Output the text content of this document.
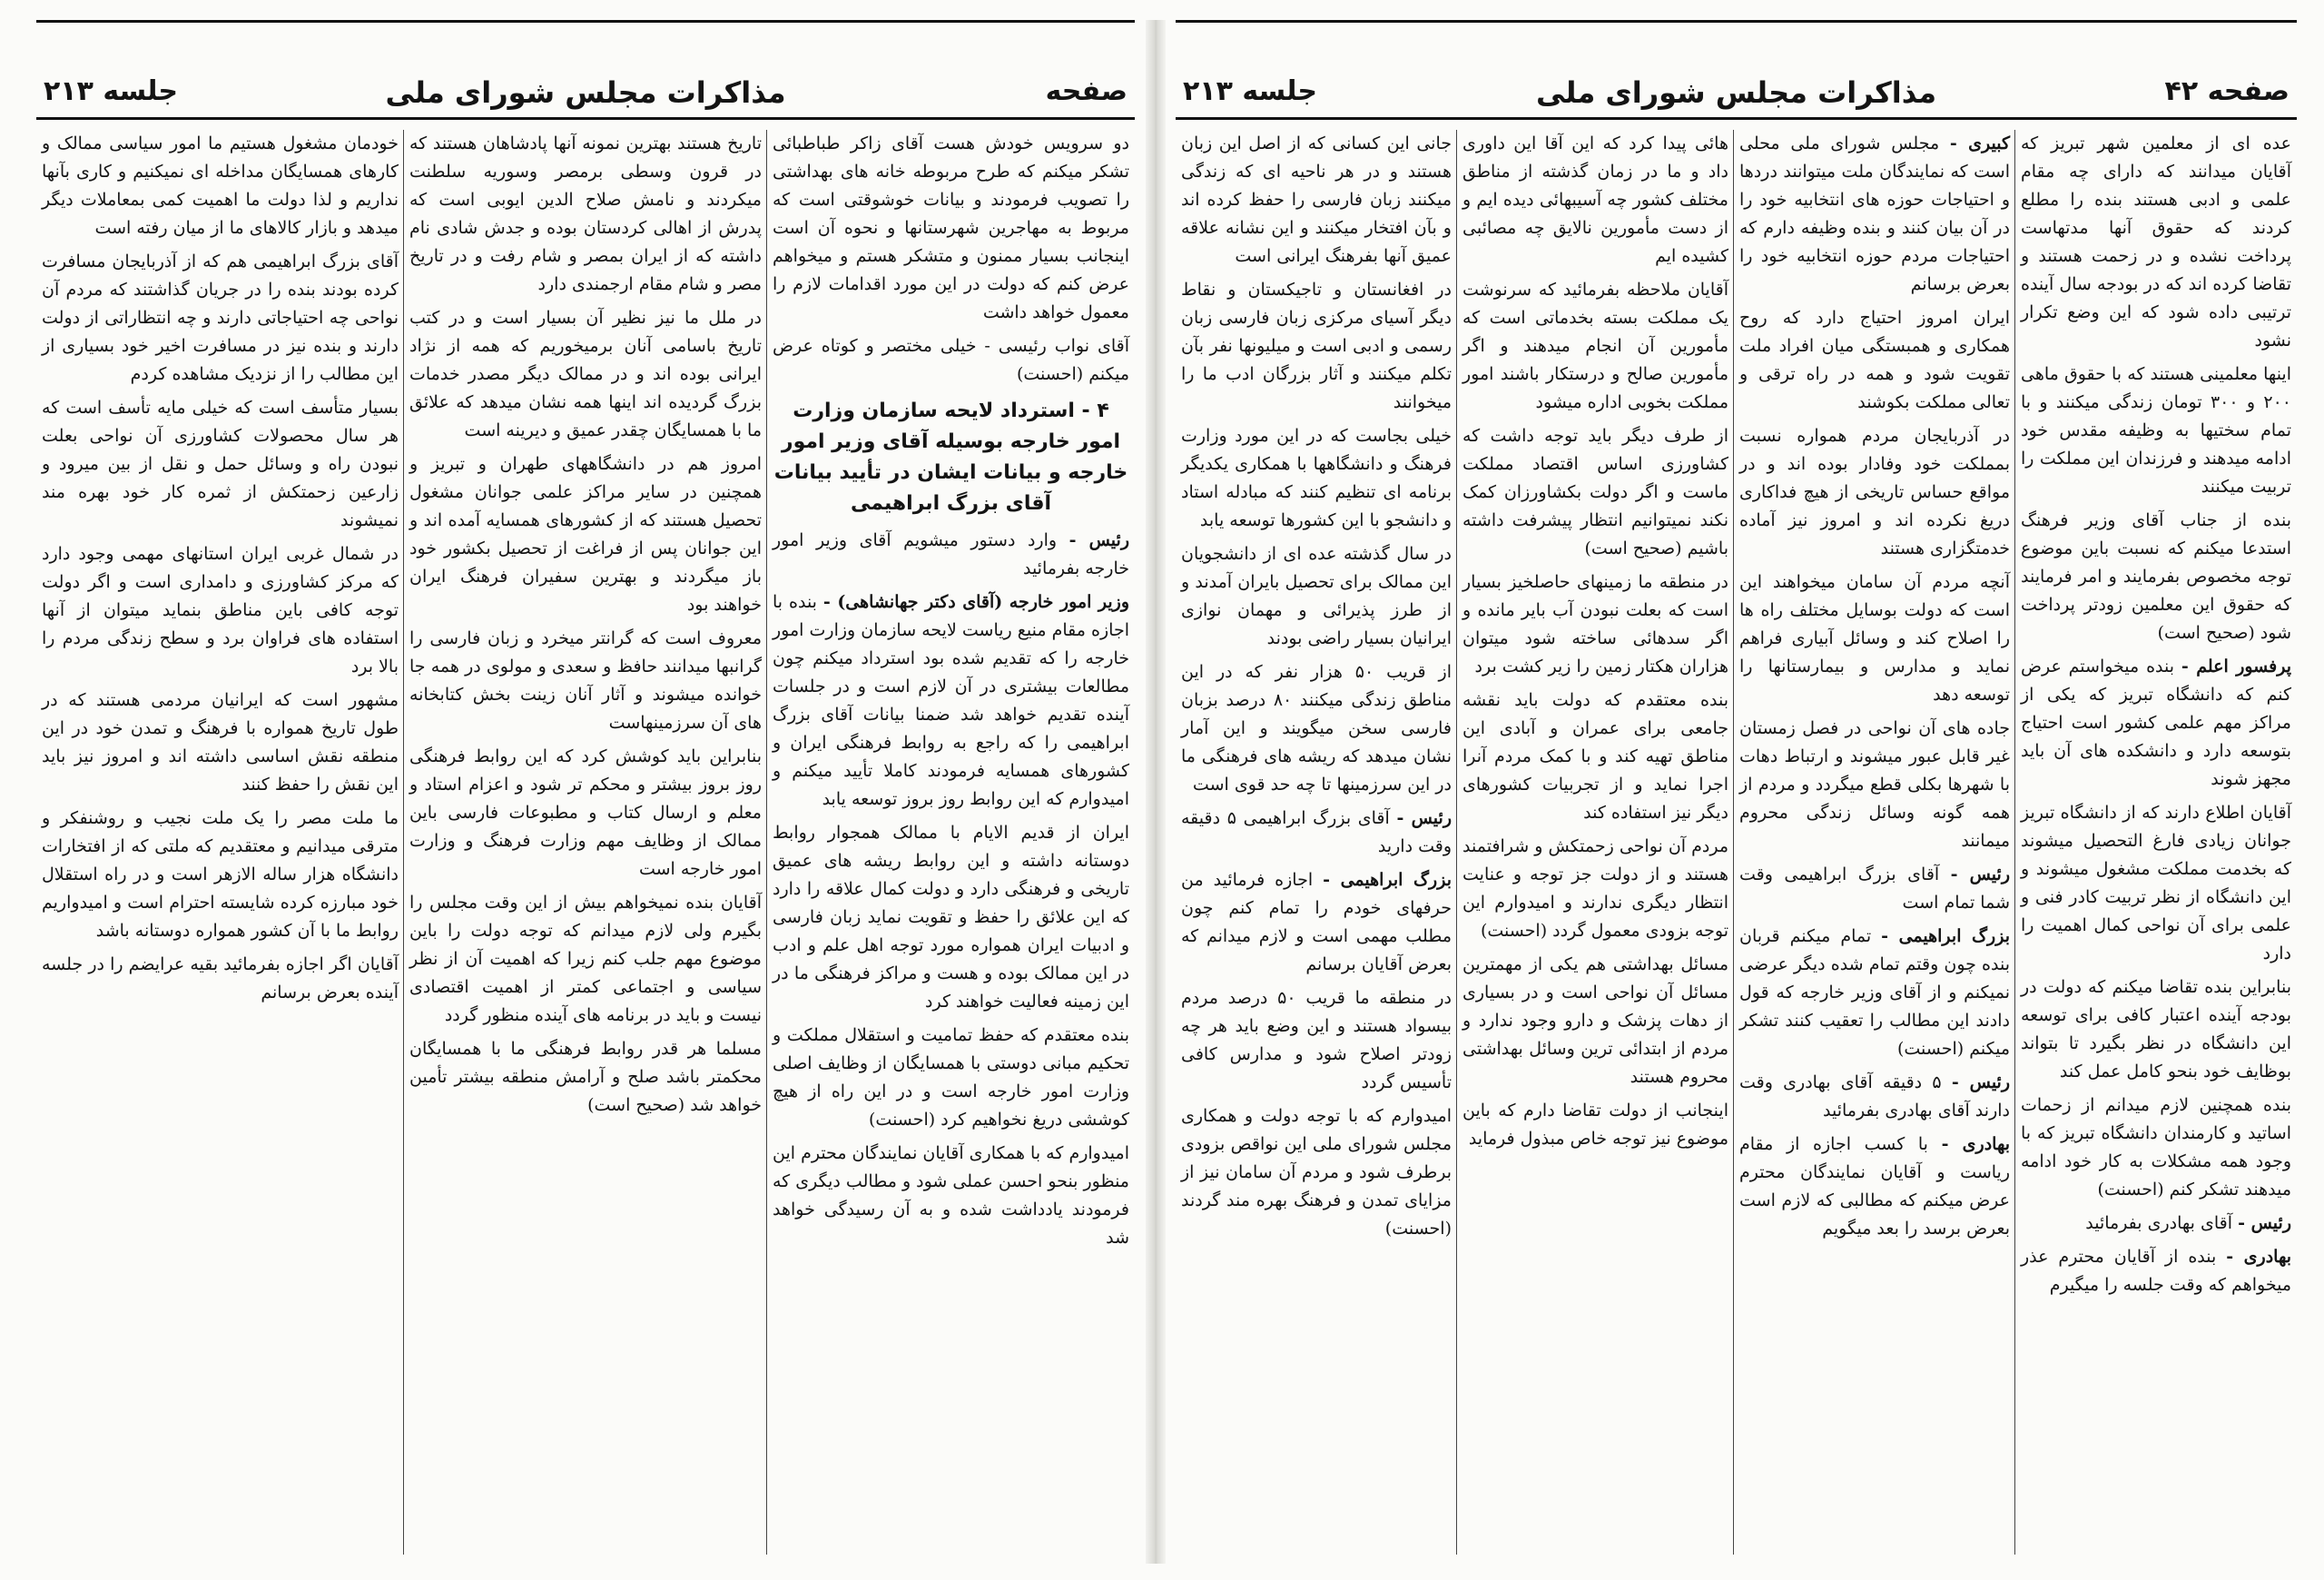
صفحه
مذاكرات مجلس شوراى ملى
جلسه ۲۱۳

دو سرویس خودش هست آقای زاکر طباطبائی تشکر میکنم که طرح مربوطه خانه های بهداشتی را تصویب فرمودند و بیانات خوشوقتی است که مربوط به مهاجرین شهرستانها و نحوه آن است اینجانب بسیار ممنون و متشکر هستم و میخواهم عرض کنم که دولت در این مورد اقدامات لازم را معمول خواهد داشت

آقای نواب رئیسی - خیلی مختصر و کوتاه عرض میکنم (احسنت)

۴ - استرداد لایحه سازمان وزارت امور خارجه بوسیله آقای وزیر امور خارجه و بیانات ایشان در تأیید بیانات آقای بزرگ ابراهیمی

رئیس - وارد دستور میشویم آقای وزیر امور خارجه بفرمائید

وزیر امور خارجه (آقای دکتر جهانشاهی) - بنده با اجازه مقام منیع ریاست لایحه سازمان وزارت امور خارجه را که تقدیم شده بود استرداد میکنم چون مطالعات بیشتری در آن لازم است و در جلسات آینده تقدیم خواهد شد ضمنا بیانات آقای بزرگ ابراهیمی را که راجع به روابط فرهنگی ایران و کشورهای همسایه فرمودند کاملا تأیید میکنم و امیدوارم که این روابط روز بروز توسعه یابد

ایران از قدیم الایام با ممالک همجوار روابط دوستانه داشته و این روابط ریشه های عمیق تاریخی و فرهنگی دارد و دولت کمال علاقه را دارد که این علائق را حفظ و تقویت نماید زبان فارسی و ادبیات ایران همواره مورد توجه اهل علم و ادب در این ممالک بوده و هست و مراکز فرهنگی ما در این زمینه فعالیت خواهند کرد

بنده معتقدم که حفظ تمامیت و استقلال مملکت و تحکیم مبانی دوستی با همسایگان از وظایف اصلی وزارت امور خارجه است و در این راه از هیچ کوششی دریغ نخواهیم کرد (احسنت)

امیدوارم که با همکاری آقایان نمایندگان محترم این منظور بنحو احسن عملی شود و مطالب دیگری که فرمودند یادداشت شده و به آن رسیدگی خواهد شد

تاریخ هستند بهترین نمونه آنها پادشاهان هستند که در قرون وسطی برمصر وسوریه سلطنت میکردند و نامش صلاح الدین ایوبی است که پدرش از اهالی کردستان بوده و جدش شادی نام داشته که از ایران بمصر و شام رفت و در تاریخ مصر و شام مقام ارجمندی دارد

در ملل ما نیز نظیر آن بسیار است و در کتب تاریخ باسامی آنان برمیخوریم که همه از نژاد ایرانی بوده اند و در ممالک دیگر مصدر خدمات بزرگ گردیده اند اینها همه نشان میدهد که علائق ما با همسایگان چقدر عمیق و دیرینه است

امروز هم در دانشگاههای طهران و تبریز و همچنین در سایر مراکز علمی جوانان مشغول تحصیل هستند که از کشورهای همسایه آمده اند و این جوانان پس از فراغت از تحصیل بکشور خود باز میگردند و بهترین سفیران فرهنگ ایران خواهند بود

معروف است که گرانتر میخرد و زبان فارسی را گرانبها میدانند حافظ و سعدی و مولوی در همه جا خوانده میشوند و آثار آنان زینت بخش کتابخانه های آن سرزمینهاست

بنابراین باید کوشش کرد که این روابط فرهنگی روز بروز بیشتر و محکم تر شود و اعزام استاد و معلم و ارسال کتاب و مطبوعات فارسی باین ممالک از وظایف مهم وزارت فرهنگ و وزارت امور خارجه است

آقایان بنده نمیخواهم بیش از این وقت مجلس را بگیرم ولی لازم میدانم که توجه دولت را باین موضوع مهم جلب کنم زیرا که اهمیت آن از نظر سیاسی و اجتماعی کمتر از اهمیت اقتصادی نیست و باید در برنامه های آینده منظور گردد

مسلما هر قدر روابط فرهنگی ما با همسایگان محکمتر باشد صلح و آرامش منطقه بیشتر تأمین خواهد شد (صحیح است)

خودمان مشغول هستیم ما امور سیاسی ممالک و کارهای همسایگان مداخله ای نمیکنیم و کاری بآنها نداریم و لذا دولت ما اهمیت کمی بمعاملات دیگر میدهد و بازار کالاهای ما از میان رفته است

آقای بزرگ ابراهیمی هم که از آذربایجان مسافرت کرده بودند بنده را در جریان گذاشتند که مردم آن نواحی چه احتیاجاتی دارند و چه انتظاراتی از دولت دارند و بنده نیز در مسافرت اخیر خود بسیاری از این مطالب را از نزدیک مشاهده کردم

بسیار متأسف است که خیلی مایه تأسف است که هر سال محصولات کشاورزی آن نواحی بعلت نبودن راه و وسائل حمل و نقل از بین میرود و زارعین زحمتکش از ثمره کار خود بهره مند نمیشوند

در شمال غربی ایران استانهای مهمی وجود دارد که مرکز کشاورزی و دامداری است و اگر دولت توجه کافی باین مناطق بنماید میتوان از آنها استفاده های فراوان برد و سطح زندگی مردم را بالا برد

مشهور است که ایرانیان مردمی هستند که در طول تاریخ همواره با فرهنگ و تمدن خود در این منطقه نقش اساسی داشته اند و امروز نیز باید این نقش را حفظ کنند

ما ملت مصر را یک ملت نجیب و روشنفکر و مترقی میدانیم و معتقدیم که ملتی که از افتخارات دانشگاه هزار ساله الازهر است و در راه استقلال خود مبارزه کرده شایسته احترام است و امیدواریم روابط ما با آن کشور همواره دوستانه باشد

آقایان اگر اجازه بفرمائید بقیه عرایضم را در جلسه آینده بعرض برسانم

صفحه ۴۲
مذاكرات مجلس شوراى ملى
جلسه ۲۱۳

عده ای از معلمین شهر تبریز که آقایان میدانند که دارای چه مقام علمی و ادبی هستند بنده را مطلع کردند که حقوق آنها مدتهاست پرداخت نشده و در زحمت هستند و تقاضا کرده اند که در بودجه سال آینده ترتیبی داده شود که این وضع تکرار نشود

اینها معلمینی هستند که با حقوق ماهی ۲۰۰ و ۳۰۰ تومان زندگی میکنند و با تمام سختیها به وظیفه مقدس خود ادامه میدهند و فرزندان این مملکت را تربیت میکنند

بنده از جناب آقای وزیر فرهنگ استدعا میکنم که نسبت باین موضوع توجه مخصوص بفرمایند و امر فرمایند که حقوق این معلمین زودتر پرداخت شود (صحیح است)

پرفسور اعلم - بنده میخواستم عرض کنم که دانشگاه تبریز که یکی از مراکز مهم علمی کشور است احتیاج بتوسعه دارد و دانشکده های آن باید مجهز شوند

آقایان اطلاع دارند که از دانشگاه تبریز جوانان زیادی فارغ التحصیل میشوند که بخدمت مملکت مشغول میشوند و این دانشگاه از نظر تربیت کادر فنی و علمی برای آن نواحی کمال اهمیت را دارد

بنابراین بنده تقاضا میکنم که دولت در بودجه آینده اعتبار کافی برای توسعه این دانشگاه در نظر بگیرد تا بتواند بوظایف خود بنحو کامل عمل کند

بنده همچنین لازم میدانم از زحمات اساتید و کارمندان دانشگاه تبریز که با وجود همه مشکلات به کار خود ادامه میدهند تشکر کنم (احسنت)

رئیس - آقای بهادری بفرمائید

بهادری - بنده از آقایان محترم عذر میخواهم که وقت جلسه را میگیرم

کبیری - مجلس شورای ملی محلی است که نمایندگان ملت میتوانند دردها و احتیاجات حوزه های انتخابیه خود را در آن بیان کنند و بنده وظیفه دارم که احتیاجات مردم حوزه انتخابیه خود را بعرض برسانم

ایران امروز احتیاج دارد که روح همکاری و همبستگی میان افراد ملت تقویت شود و همه در راه ترقی و تعالی مملکت بکوشند

در آذربایجان مردم همواره نسبت بمملکت خود وفادار بوده اند و در مواقع حساس تاریخی از هیچ فداکاری دریغ نکرده اند و امروز نیز آماده خدمتگزاری هستند

آنچه مردم آن سامان میخواهند این است که دولت بوسایل مختلف راه ها را اصلاح کند و وسائل آبیاری فراهم نماید و مدارس و بیمارستانها را توسعه دهد

جاده های آن نواحی در فصل زمستان غیر قابل عبور میشوند و ارتباط دهات با شهرها بکلی قطع میگردد و مردم از همه گونه وسائل زندگی محروم میمانند

رئیس - آقای بزرگ ابراهیمی وقت شما تمام است

بزرگ ابراهیمی - تمام میکنم قربان بنده چون وقتم تمام شده دیگر عرضی نمیکنم و از آقای وزیر خارجه که قول دادند این مطالب را تعقیب کنند تشکر میکنم (احسنت)

رئیس - ۵ دقیقه آقای بهادری وقت دارند آقای بهادری بفرمائید

بهادری - با کسب اجازه از مقام ریاست و آقایان نمایندگان محترم عرض میکنم که مطالبی که لازم است بعرض برسد را بعد میگویم

هائی پیدا کرد که این آقا این داوری داد و ما در زمان گذشته از مناطق مختلف کشور چه آسیبهائی دیده ایم و از دست مأمورین نالایق چه مصائبی کشیده ایم

آقایان ملاحظه بفرمائید که سرنوشت یک مملکت بسته بخدماتی است که مأمورین آن انجام میدهند و اگر مأمورین صالح و درستکار باشند امور مملکت بخوبی اداره میشود

از طرف دیگر باید توجه داشت که کشاورزی اساس اقتصاد مملکت ماست و اگر دولت بکشاورزان کمک نکند نمیتوانیم انتظار پیشرفت داشته باشیم (صحیح است)

در منطقه ما زمینهای حاصلخیز بسیار است که بعلت نبودن آب بایر مانده و اگر سدهائی ساخته شود میتوان هزاران هکتار زمین را زیر کشت برد

بنده معتقدم که دولت باید نقشه جامعی برای عمران و آبادی این مناطق تهیه کند و با کمک مردم آنرا اجرا نماید و از تجربیات کشورهای دیگر نیز استفاده کند

مردم آن نواحی زحمتکش و شرافتمند هستند و از دولت جز توجه و عنایت انتظار دیگری ندارند و امیدوارم این توجه بزودی معمول گردد (احسنت)

مسائل بهداشتی هم یکی از مهمترین مسائل آن نواحی است و در بسیاری از دهات پزشک و دارو وجود ندارد و مردم از ابتدائی ترین وسائل بهداشتی محروم هستند

اینجانب از دولت تقاضا دارم که باین موضوع نیز توجه خاص مبذول فرماید

جانی این کسانی که از اصل این زبان هستند و در هر ناحیه ای که زندگی میکنند زبان فارسی را حفظ کرده اند و بآن افتخار میکنند و این نشانه علاقه عمیق آنها بفرهنگ ایرانی است

در افغانستان و تاجیکستان و نقاط دیگر آسیای مرکزی زبان فارسی زبان رسمی و ادبی است و میلیونها نفر بآن تکلم میکنند و آثار بزرگان ادب ما را میخوانند

خیلی بجاست که در این مورد وزارت فرهنگ و دانشگاهها با همکاری یکدیگر برنامه ای تنظیم کنند که مبادله استاد و دانشجو با این کشورها توسعه یابد

در سال گذشته عده ای از دانشجویان این ممالک برای تحصیل بایران آمدند و از طرز پذیرائی و مهمان نوازی ایرانیان بسیار راضی بودند

از قریب ۵۰ هزار نفر که در این مناطق زندگی میکنند ۸۰ درصد بزبان فارسی سخن میگویند و این آمار نشان میدهد که ریشه های فرهنگی ما در این سرزمینها تا چه حد قوی است

رئیس - آقای بزرگ ابراهیمی ۵ دقیقه وقت دارید

بزرگ ابراهیمی - اجازه فرمائید من حرفهای خودم را تمام کنم چون مطلب مهمی است و لازم میدانم که بعرض آقایان برسانم

در منطقه ما قریب ۵۰ درصد مردم بیسواد هستند و این وضع باید هر چه زودتر اصلاح شود و مدارس کافی تأسیس گردد

امیدوارم که با توجه دولت و همکاری مجلس شورای ملی این نواقص بزودی برطرف شود و مردم آن سامان نیز از مزایای تمدن و فرهنگ بهره مند گردند (احسنت)
